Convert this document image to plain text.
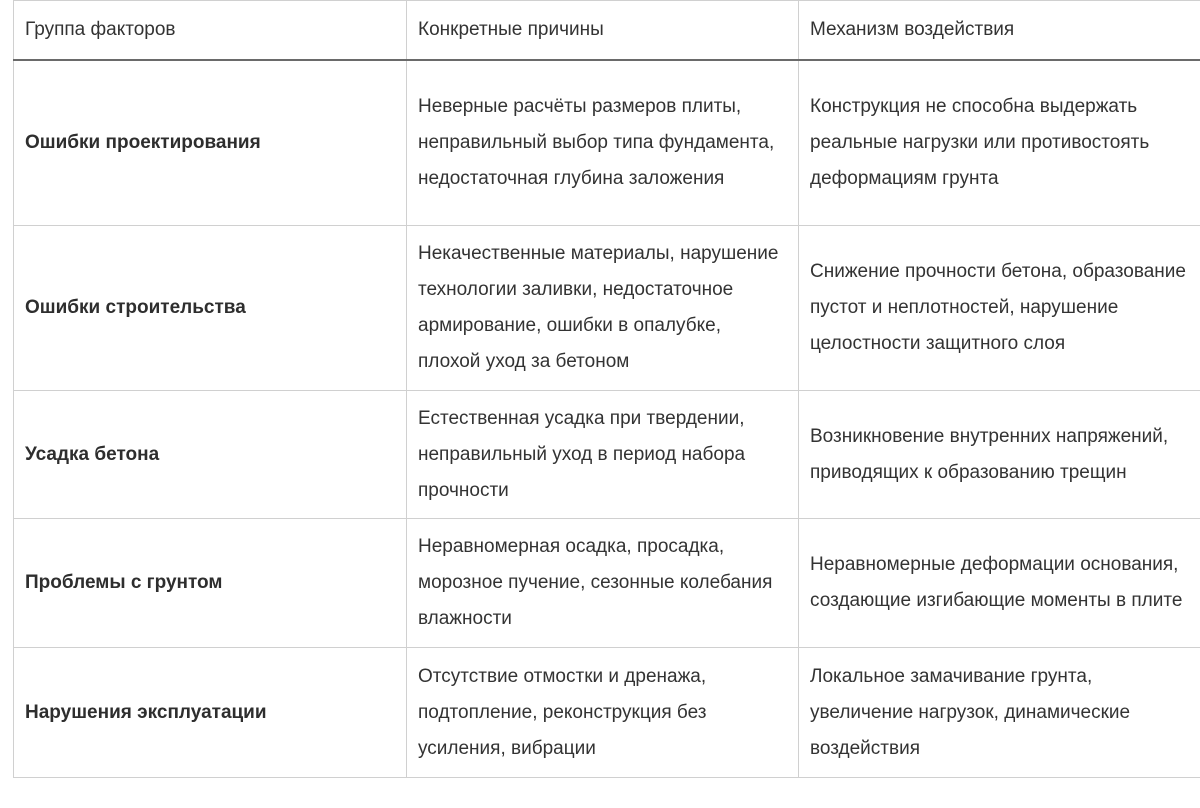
Группа факторов	Конкретные причины	Механизм воздействия
Ошибки проектирования	Неверные расчёты размеров плиты, неправильный выбор типа фундамента, недостаточная глубина заложения	Конструкция не способна выдержать реальные нагрузки или противостоять деформациям грунта
Ошибки строительства	Некачественные материалы, нарушение технологии заливки, недостаточное армирование, ошибки в опалубке, плохой уход за бетоном	Снижение прочности бетона, образование пустот и неплотностей, нарушение целостности защитного слоя
Усадка бетона	Естественная усадка при твердении, неправильный уход в период набора прочности	Возникновение внутренних напряжений, приводящих к образованию трещин
Проблемы с грунтом	Неравномерная осадка, просадка, морозное пучение, сезонные колебания влажности	Неравномерные деформации основания, создающие изгибающие моменты в плите
Нарушения эксплуатации	Отсутствие отмостки и дренажа, подтопление, реконструкция без усиления, вибрации	Локальное замачивание грунта, увеличение нагрузок, динамические воздействия
